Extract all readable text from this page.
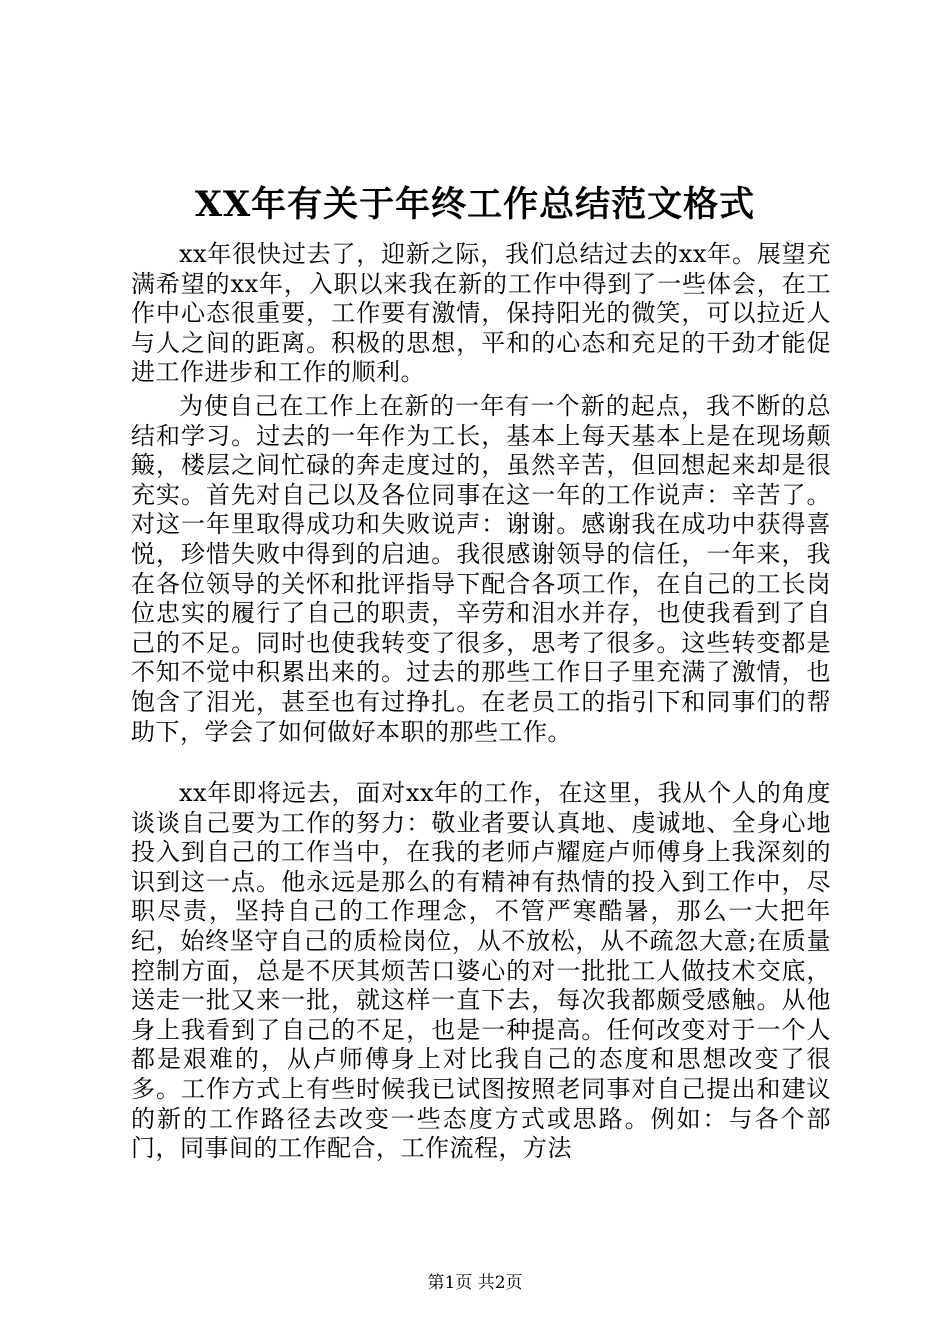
XX年有关于年终工作总结范文格式

xx年很快过去了，迎新之际，我们总结过去的xx年。展望充满希望的xx年，入职以来我在新的工作中得到了一些体会，在工作中心态很重要，工作要有激情，保持阳光的微笑，可以拉近人与人之间的距离。积极的思想，平和的心态和充足的干劲才能促进工作进步和工作的顺利。

为使自己在工作上在新的一年有一个新的起点，我不断的总结和学习。过去的一年作为工长，基本上每天基本上是在现场颠簸，楼层之间忙碌的奔走度过的，虽然辛苦，但回想起来却是很充实。首先对自己以及各位同事在这一年的工作说声：辛苦了。对这一年里取得成功和失败说声：谢谢。感谢我在成功中获得喜悦，珍惜失败中得到的启迪。我很感谢领导的信任，一年来，我在各位领导的关怀和批评指导下配合各项工作，在自己的工长岗位忠实的履行了自己的职责，辛劳和泪水并存，也使我看到了自己的不足。同时也使我转变了很多，思考了很多。这些转变都是不知不觉中积累出来的。过去的那些工作日子里充满了激情，也饱含了泪光，甚至也有过挣扎。在老员工的指引下和同事们的帮助下，学会了如何做好本职的那些工作。

xx年即将远去，面对xx年的工作，在这里，我从个人的角度谈谈自己要为工作的努力：敬业者要认真地、虔诚地、全身心地投入到自己的工作当中，在我的老师卢耀庭卢师傅身上我深刻的识到这一点。他永远是那么的有精神有热情的投入到工作中，尽职尽责，坚持自己的工作理念，不管严寒酷暑，那么一大把年纪，始终坚守自己的质检岗位，从不放松，从不疏忽大意;在质量控制方面，总是不厌其烦苦口婆心的对一批批工人做技术交底，送走一批又来一批，就这样一直下去，每次我都颇受感触。从他身上我看到了自己的不足，也是一种提高。任何改变对于一个人都是艰难的，从卢师傅身上对比我自己的态度和思想改变了很多。工作方式上有些时候我已试图按照老同事对自己提出和建议的新的工作路径去改变一些态度方式或思路。例如：与各个部门，同事间的工作配合，工作流程，方法

第1页 共2页
